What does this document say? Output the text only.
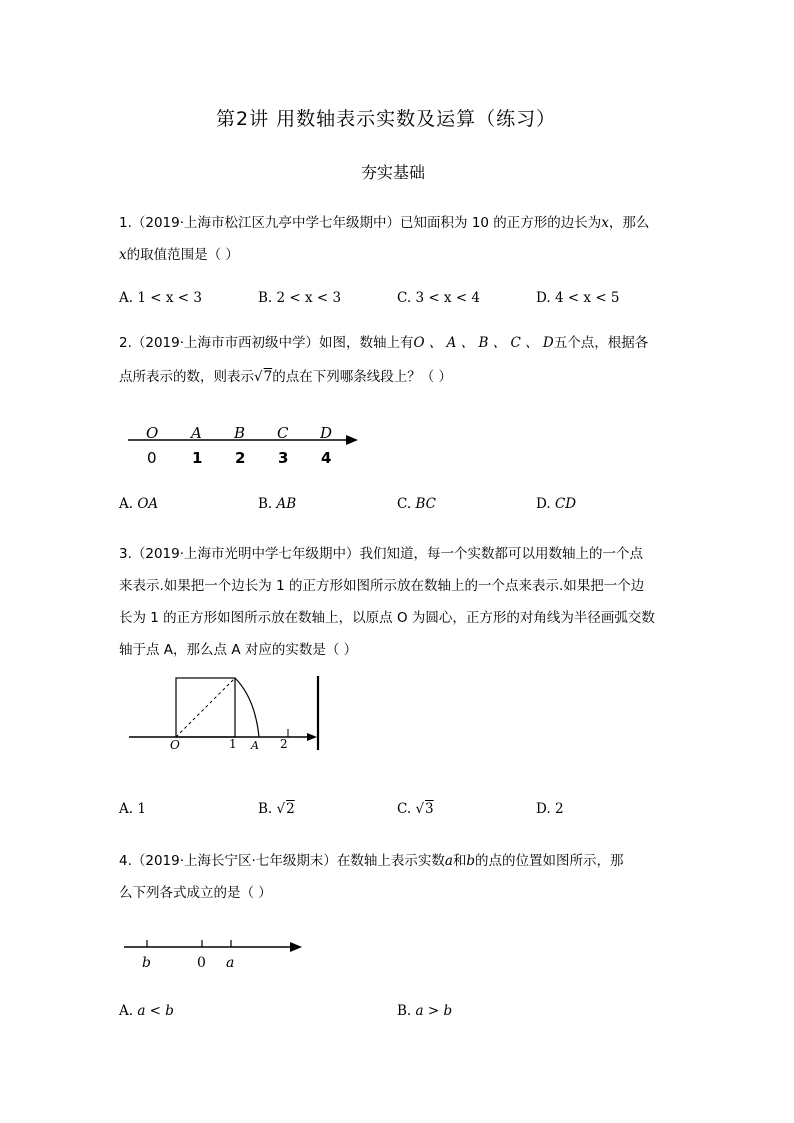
第2讲 用数轴表示实数及运算（练习）
夯实基础
1.（2019·上海市松江区九亭中学七年级期中）已知面积为 10 的正方形的边长为x，那么
x的取值范围是（ ）
A. 1 < x < 3	B. 2 < x < 3	C. 3 < x < 4	D. 4 < x < 5
2.（2019·上海市市西初级中学）如图，数轴上有O 、 A 、 B 、 C 、 D五个点，根据各
点所表示的数，则表示√7的点在下列哪条线段上？（ ）
O
0
A
1
B
2
C
3
D
4
A. OA	B. AB	C. BC	D. CD
3.（2019·上海市光明中学七年级期中）我们知道，每一个实数都可以用数轴上的一个点
来表示.如果把一个边长为 1 的正方形如图所示放在数轴上的一个点来表示.如果把一个边
长为 1 的正方形如图所示放在数轴上，以原点 O 为圆心，正方形的对角线为半径画弧交数
轴于点 A，那么点 A 对应的实数是（ ）
O	1 A 2
A. 1	B. √2	C. √3	D. 2
4.（2019·上海长宁区·七年级期末）在数轴上表示实数a和b的点的位置如图所示，那
么下列各式成立的是（ ）
b	0 a
A. a < b	B. a > b
